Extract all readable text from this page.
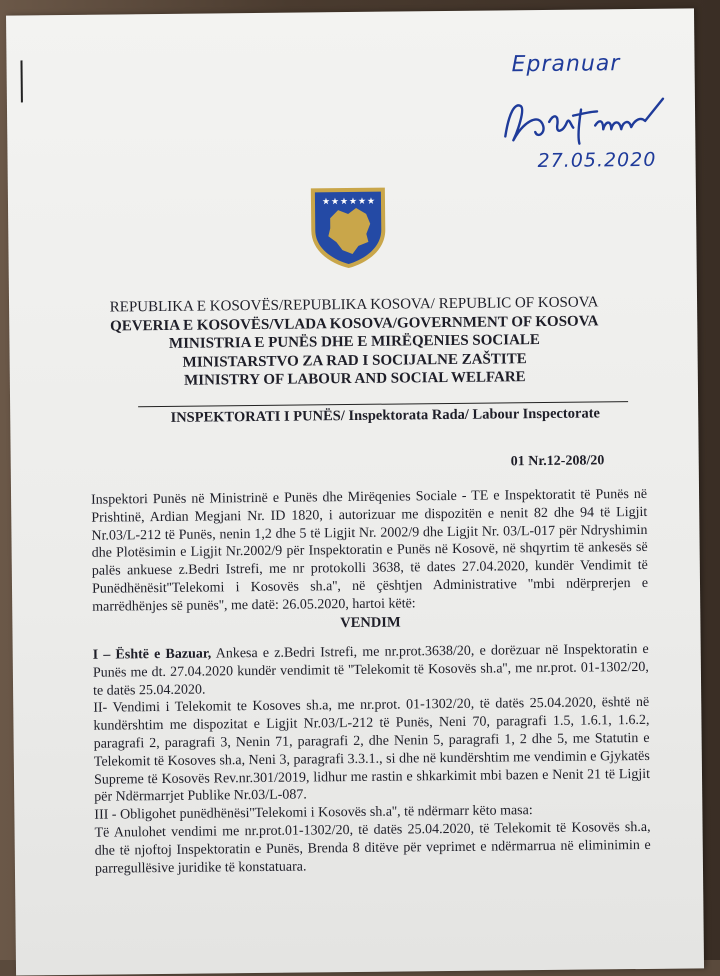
Epranuar
27.05.2020
★ ★ ★ ★ ★ ★
REPUBLIKA E KOSOVËS/REPUBLIKA KOSOVA/ REPUBLIC OF KOSOVA
QEVERIA E KOSOVËS/VLADA KOSOVA/GOVERNMENT OF KOSOVA
MINISTRIA E PUNËS DHE E MIRËQENIES SOCIALE
MINISTARSTVO ZA RAD I SOCIJALNE ZAŠTITE
MINISTRY OF LABOUR AND SOCIAL WELFARE
INSPEKTORATI I PUNËS/ Inspektorata Rada/ Labour Inspectorate
01 Nr.12-208/20
Inspektori Punës në Ministrinë e Punës dhe Mirëqenies Sociale - TE e Inspektoratit të Punës në Prishtinë, Ardian Megjani Nr. ID 1820, i autorizuar me dispozitën e nenit 82 dhe 94 të Ligjit Nr.03/L-212 të Punës, nenin 1,2 dhe 5 të Ligjit Nr. 2002/9 dhe Ligjit Nr. 03/L-017 për Ndryshimin dhe Plotësimin e Ligjit Nr.2002/9 për Inspektoratin e Punës në Kosovë, në shqyrtim të ankesës së palës ankuese z.Bedri Istrefi, me nr protokolli 3638, të dates 27.04.2020, kundër Vendimit të Punëdhënësit''Telekomi i Kosovës sh.a'', në çështjen Administrative ''mbi ndërprerjen e marrëdhënjes së punës'', me datë: 26.05.2020, hartoi këtë:
VENDIM

I – Është e Bazuar, Ankesa e z.Bedri Istrefi, me nr.prot.3638/20, e dorëzuar në Inspektoratin e Punës me dt. 27.04.2020 kundër vendimit të ''Telekomit të Kosovës sh.a'', me nr.prot. 01-1302/20, te datës 25.04.2020.

II- Vendimi i Telekomit te Kosoves sh.a, me nr.prot. 01-1302/20, të datës 25.04.2020, është në kundërshtim me dispozitat e Ligjit Nr.03/L-212 të Punës, Neni 70, paragrafi 1.5, 1.6.1, 1.6.2, paragrafi 2, paragrafi 3, Nenin 71, paragrafi 2, dhe Nenin 5, paragrafi 1, 2 dhe 5, me Statutin e Telekomit të Kosoves sh.a, Neni 3, paragrafi 3.3.1., si dhe në kundërshtim me vendimin e Gjykatës Supreme të Kosovës Rev.nr.301/2019, lidhur me rastin e shkarkimit mbi bazen e Nenit 21 të Ligjit për Ndërmarrjet Publike Nr.03/L-087.

III - Obligohet punëdhënësi''Telekomi i Kosovës sh.a'', të ndërmarr këto masa:

Të Anulohet vendimi me nr.prot.01-1302/20, të datës 25.04.2020, të Telekomit të Kosovës sh.a, dhe të njoftoj Inspektoratin e Punës, Brenda 8 ditëve për veprimet e ndërmarrua në eliminimin e parregullësive juridike të konstatuara.
